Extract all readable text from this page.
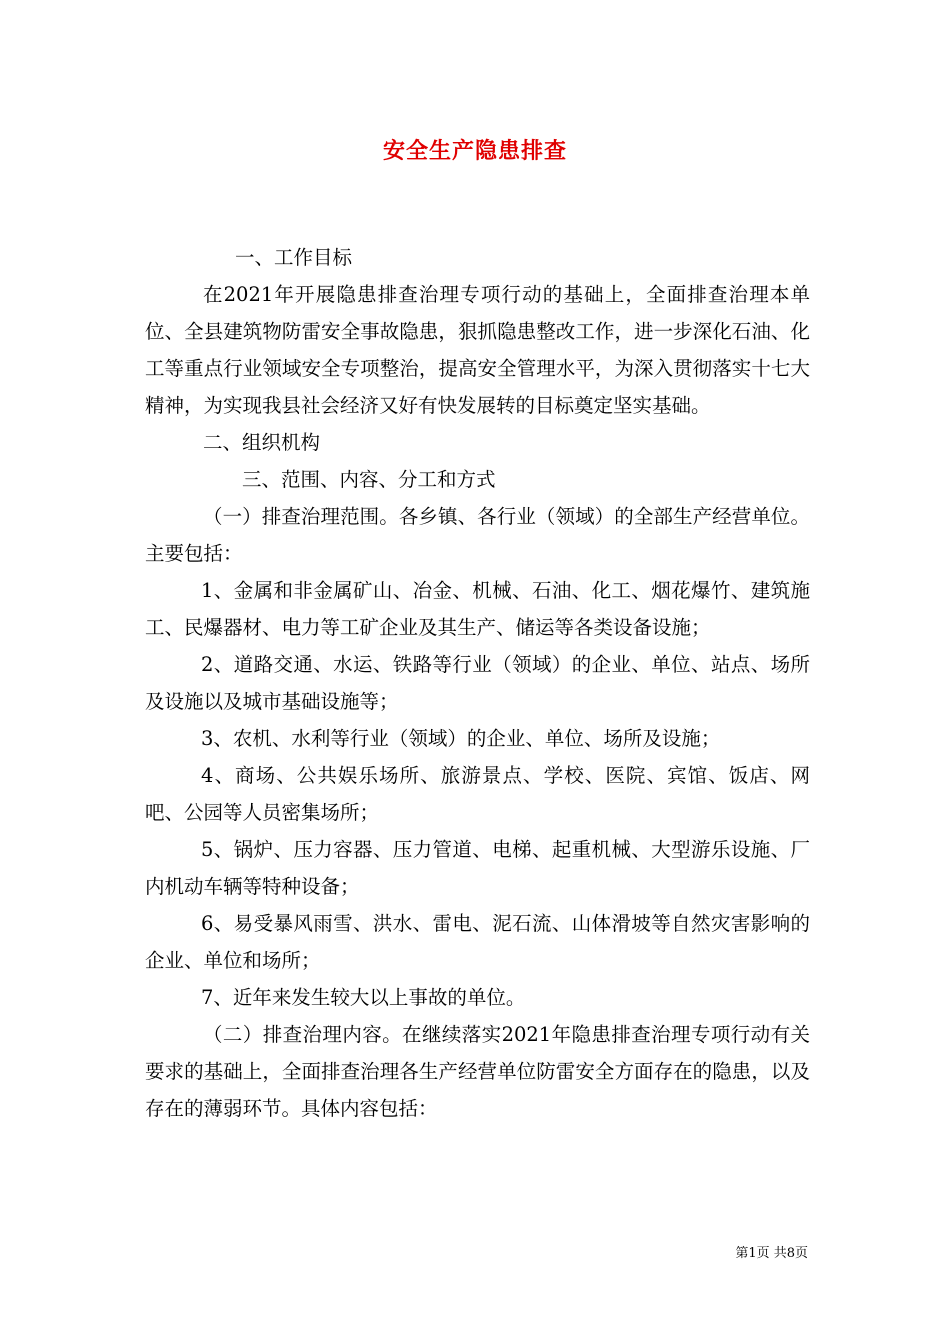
安全生产隐患排查

一、工作目标

在2021年开展隐患排查治理专项行动的基础上，全面排查治理本单位、全县建筑物防雷安全事故隐患，狠抓隐患整改工作，进一步深化石油、化工等重点行业领域安全专项整治，提高安全管理水平，为深入贯彻落实十七大精神，为实现我县社会经济又好有快发展转的目标奠定坚实基础。

二、组织机构

三、范围、内容、分工和方式

（一）排查治理范围。各乡镇、各行业（领域）的全部生产经营单位。主要包括：

1、金属和非金属矿山、冶金、机械、石油、化工、烟花爆竹、建筑施工、民爆器材、电力等工矿企业及其生产、储运等各类设备设施；

2、道路交通、水运、铁路等行业（领域）的企业、单位、站点、场所及设施以及城市基础设施等；

3、农机、水利等行业（领域）的企业、单位、场所及设施；

4、商场、公共娱乐场所、旅游景点、学校、医院、宾馆、饭店、网吧、公园等人员密集场所；

5、锅炉、压力容器、压力管道、电梯、起重机械、大型游乐设施、厂内机动车辆等特种设备；

6、易受暴风雨雪、洪水、雷电、泥石流、山体滑坡等自然灾害影响的企业、单位和场所；

7、近年来发生较大以上事故的单位。

（二）排查治理内容。在继续落实2021年隐患排查治理专项行动有关要求的基础上，全面排查治理各生产经营单位防雷安全方面存在的隐患，以及存在的薄弱环节。具体内容包括：

第1页 共8页
